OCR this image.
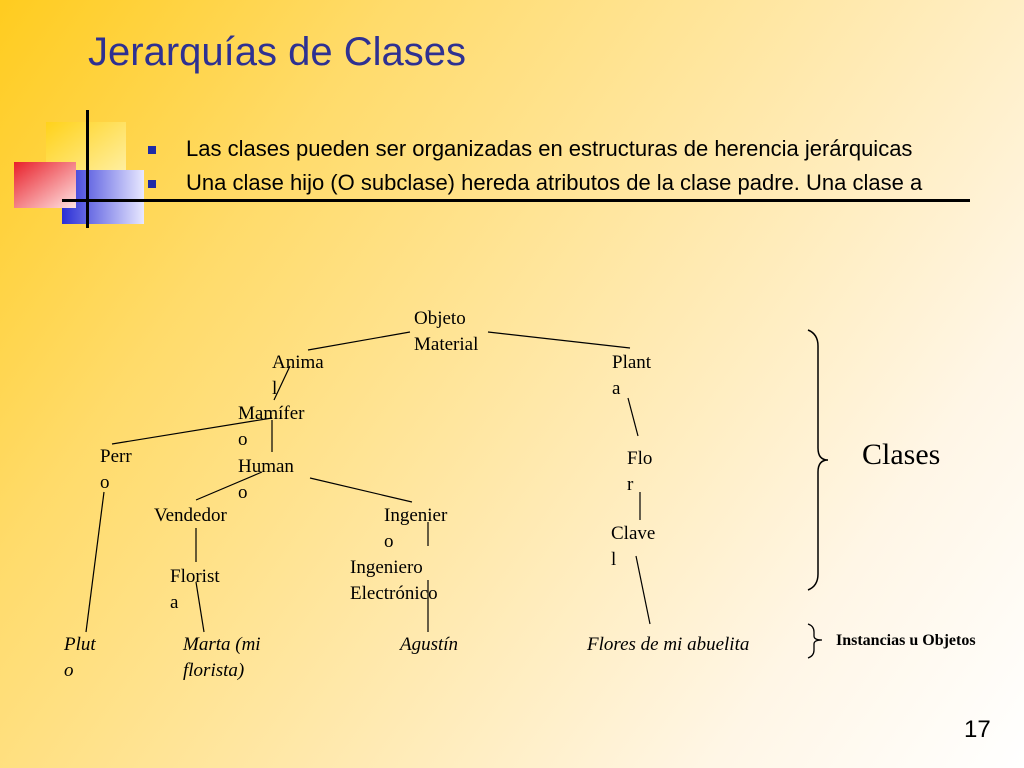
Jerarquías de Clases
Las clases pueden ser organizadas en estructuras de herencia jerárquicas
Una clase hijo (O subclase) hereda atributos de la clase padre. Una clase a
Objeto
Material
Anima
l
Plant
a
Mamífer
o
Perr
o
Human
o
Flo
r
Vendedor	Ingenier
o	Clave
l
Florist
a
Ingeniero
Electrónico
Plut
o
Marta (mi
florista)
Agustín	Flores de mi abuelita
Clases
Instancias u Objetos
17
